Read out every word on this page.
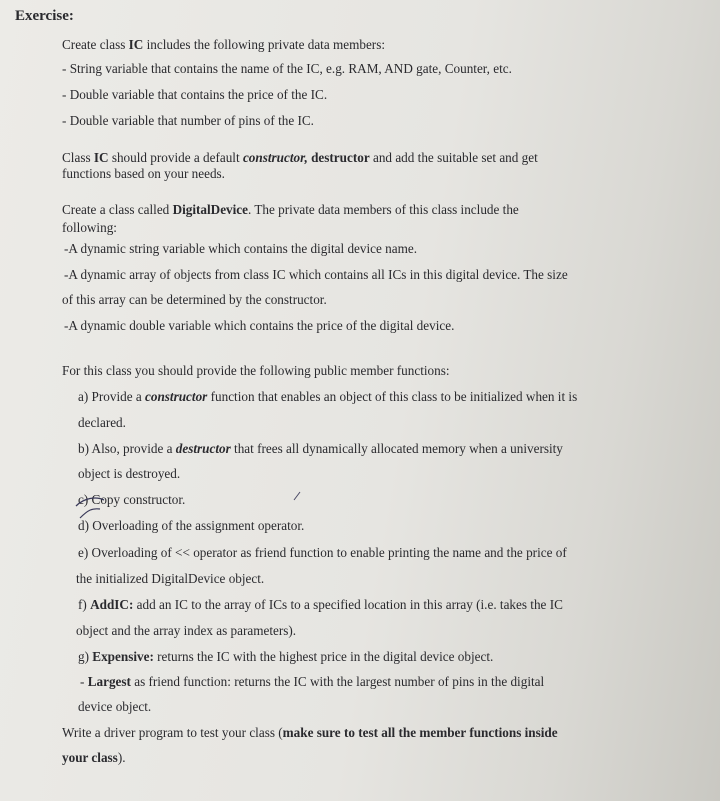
Exercise:
Create class IC includes the following private data members:
- String variable that contains the name of the IC, e.g. RAM, AND gate, Counter, etc.
- Double variable that contains the price of the IC.
- Double variable that number of pins of the IC.
Class IC should provide a default constructor, destructor and add the suitable set and get
functions based on your needs.
Create a class called DigitalDevice. The private data members of this class include the
following:
-A dynamic string variable which contains the digital device name.
-A dynamic array of objects from class IC which contains all ICs in this digital device. The size
of this array can be determined by the constructor.
-A dynamic double variable which contains the price of the digital device.
For this class you should provide the following public member functions:
a) Provide a constructor function that enables an object of this class to be initialized when it is
declared.
b) Also, provide a destructor that frees all dynamically allocated memory when a university
object is destroyed.
c) Copy constructor.
d) Overloading of the assignment operator.
e) Overloading of << operator as friend function to enable printing the name and the price of
the initialized DigitalDevice object.
f) AddIC: add an IC to the array of ICs to a specified location in this array (i.e. takes the IC
object and the array index as parameters).
g) Expensive: returns the IC with the highest price in the digital device object.
- Largest as friend function: returns the IC with the largest number of pins in the digital
device object.
Write a driver program to test your class (make sure to test all the member functions inside
your class).
